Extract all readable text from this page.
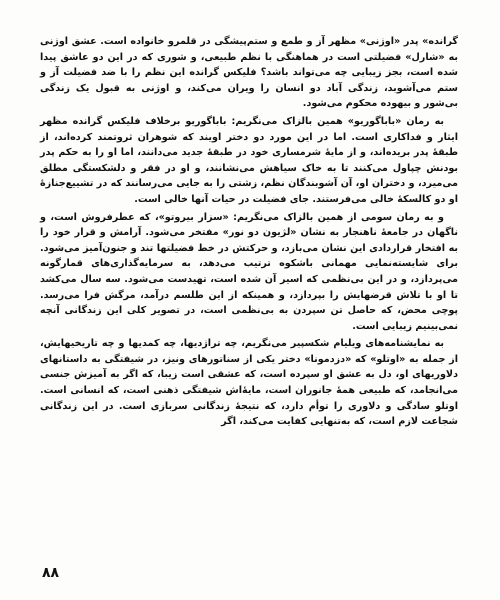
گرانده» پدر «اوژنی» مظهر آز و طمع و ستم‌پیشگی در قلمرو خانواده است. عشق اوژنی به «شارل» فضیلتی است در هماهنگی با نظم طبیعی، و شوری که در این دو عاشق پیدا شده است، بجز زیبایی چه می‌تواند باشد؟ فلیکس گرانده این نظم را با ضد فضیلت آز و ستم می‌آشوبد، زندگی آباد دو انسان را ویران می‌کند، و اوژنی به قبول یک زندگی بی‌شور و بیهوده محکوم می‌شود.

به رمان «باباگوریو» همین بالزاک می‌نگریم: باباگوریو برخلاف فلیکس گرانده مظهر ایثار و فداکاری است. اما در این مورد دو دختر او‌یند که شوهران ثروتمند کرده‌اند، از طبقهٔ پدر بریده‌اند، و از مایهٔ شرمساری خود در طبقهٔ جدید می‌دانند، اما او را به حکم پدر بودنش چپاول می‌کنند تا به خاک سیاهش می‌نشانند، و او در فقر و دلشکستگی مطلق می‌میرد، و دختران او، آن آشوبندگان نظم، زشتی را به جایی می‌رسانند که در تشییع‌جنازهٔ او دو کالسکهٔ خالی می‌فرستند. جای فضیلت در حیات آنها خالی است.

و به رمان سومی از همین بالزاک می‌نگریم: «سزار بیروتو»، که عطرفروش است، و ناگهان در جامعهٔ ناهنجار به نشان «لژیون دو نور» مفتخر می‌شود. آرامش و قرار خود را به افتخار قراردادی این نشان می‌بازد، و حرکتش در خط فضیلتها تند و جنون‌آمیز می‌شود. برای شایسته‌نمایی مهمانی باشکوه ترتیب می‌دهد، به سرمایه‌گذاری‌های قمارگونه می‌پردازد، و در این بی‌نظمی که اسیر آن شده است، تهیدست می‌شود. سه سال می‌کشد تا او با تلاش قرضهایش را بپردازد، و همینکه از این طلسم درآمد، مرگش فرا می‌رسد. پوچی محض، که حاصل تن سپردن به بی‌نظمی است، در تصویر کلی این زندگانی آنچه نمی‌بینیم زیبایی است.

به نمایشنامه‌های ویلیام شکسپیر می‌نگریم، چه تراژدیها، چه کمدیها و چه تاریخیهایش، از جمله به «اوتلو» که «دزدمونا» دختر یکی از سناتورهای ونیز، در شیفتگی به داستانهای دلاوریهای او، دل به عشق او سپرده است، که عشقی است زیبا، که اگر به آمیزش جنسی می‌انجامد، که طبیعی همهٔ جانوران است، مایهٔ‌اش شیفتگی ذهنی است، که انسانی است. اوتلو سادگی و دلاوری را توأم دارد، که نتیجهٔ زندگانی سربازی است. در این زندگانی شجاعت لازم است، که به‌تنهایی کفایت می‌کند، اگر

۸۸
